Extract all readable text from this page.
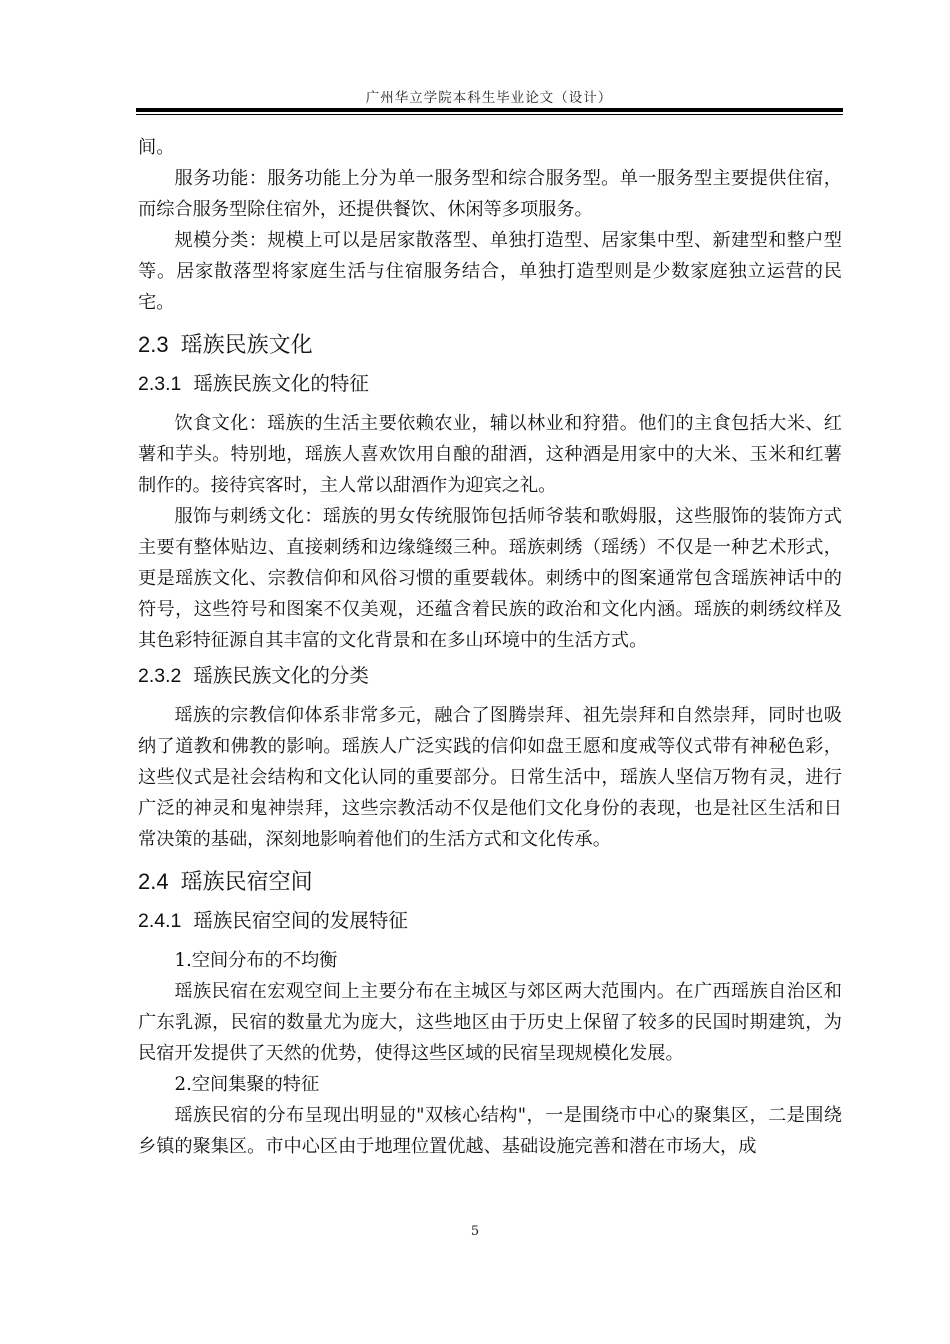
广州华立学院本科生毕业论文（设计）

间。

服务功能：服务功能上分为单一服务型和综合服务型。单一服务型主要提供住宿，而综合服务型除住宿外，还提供餐饮、休闲等多项服务。

规模分类：规模上可以是居家散落型、单独打造型、居家集中型、新建型和整户型等。居家散落型将家庭生活与住宿服务结合，单独打造型则是少数家庭独立运营的民宅。

2.3 瑶族民族文化
2.3.1 瑶族民族文化的特征

饮食文化：瑶族的生活主要依赖农业，辅以林业和狩猎。他们的主食包括大米、红薯和芋头。特别地，瑶族人喜欢饮用自酿的甜酒，这种酒是用家中的大米、玉米和红薯制作的。接待宾客时，主人常以甜酒作为迎宾之礼。

服饰与刺绣文化：瑶族的男女传统服饰包括师爷装和歌姆服，这些服饰的装饰方式主要有整体贴边、直接刺绣和边缘缝缀三种。瑶族刺绣（瑶绣）不仅是一种艺术形式，更是瑶族文化、宗教信仰和风俗习惯的重要载体。刺绣中的图案通常包含瑶族神话中的符号，这些符号和图案不仅美观，还蕴含着民族的政治和文化内涵。瑶族的刺绣纹样及其色彩特征源自其丰富的文化背景和在多山环境中的生活方式。

2.3.2 瑶族民族文化的分类

瑶族的宗教信仰体系非常多元，融合了图腾崇拜、祖先崇拜和自然崇拜，同时也吸纳了道教和佛教的影响。瑶族人广泛实践的信仰如盘王愿和度戒等仪式带有神秘色彩，这些仪式是社会结构和文化认同的重要部分。日常生活中，瑶族人坚信万物有灵，进行广泛的神灵和鬼神崇拜，这些宗教活动不仅是他们文化身份的表现，也是社区生活和日常决策的基础，深刻地影响着他们的生活方式和文化传承。

2.4 瑶族民宿空间
2.4.1 瑶族民宿空间的发展特征

1.空间分布的不均衡

瑶族民宿在宏观空间上主要分布在主城区与郊区两大范围内。在广西瑶族自治区和广东乳源，民宿的数量尤为庞大，这些地区由于历史上保留了较多的民国时期建筑，为民宿开发提供了天然的优势，使得这些区域的民宿呈现规模化发展。

2.空间集聚的特征

瑶族民宿的分布呈现出明显的"双核心结构"，一是围绕市中心的聚集区，二是围绕乡镇的聚集区。市中心区由于地理位置优越、基础设施完善和潜在市场大，成

5
